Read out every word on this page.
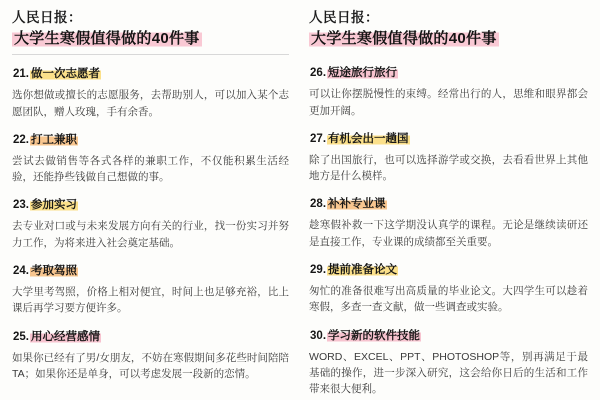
人民日报：
大学生寒假值得做的40件事
21. 做一次志愿者
选你想做或擅长的志愿服务，去帮助别人，可以加入某个志愿团队，赠人玫瑰，手有余香。
22. 打工兼职
尝试去做销售等各式各样的兼职工作，不仅能积累生活经验，还能挣些钱做自己想做的事。
23. 参加实习
去专业对口或与未来发展方向有关的行业，找一份实习并努力工作，为将来进入社会奠定基础。
24. 考取驾照
大学里考驾照，价格上相对便宜，时间上也足够充裕，比上课后再学习要方便许多。
25. 用心经营感情
如果你已经有了男/女朋友，不妨在寒假期间多花些时间陪陪TA；如果你还是单身，可以考虑发展一段新的恋情。
人民日报：
大学生寒假值得做的40件事
26. 短途旅行旅行
可以让你摆脱慢性的束缚。经常出行的人，思维和眼界都会更加开阔。
27. 有机会出一趟国
除了出国旅行，也可以选择游学或交换，去看看世界上其他地方是什么模样。
28. 补补专业课
趁寒假补救一下这学期没认真学的课程。无论是继续读研还是直接工作，专业课的成绩都至关重要。
29. 提前准备论文
匆忙的准备很难写出高质量的毕业论文。大四学生可以趁着寒假，多查一查文献，做一些调查或实验。
30. 学习新的软件技能
WORD、EXCEL、PPT、PHOTOSHOP等，别再满足于最基础的操作，进一步深入研究，这会给你日后的生活和工作带来很大便利。
